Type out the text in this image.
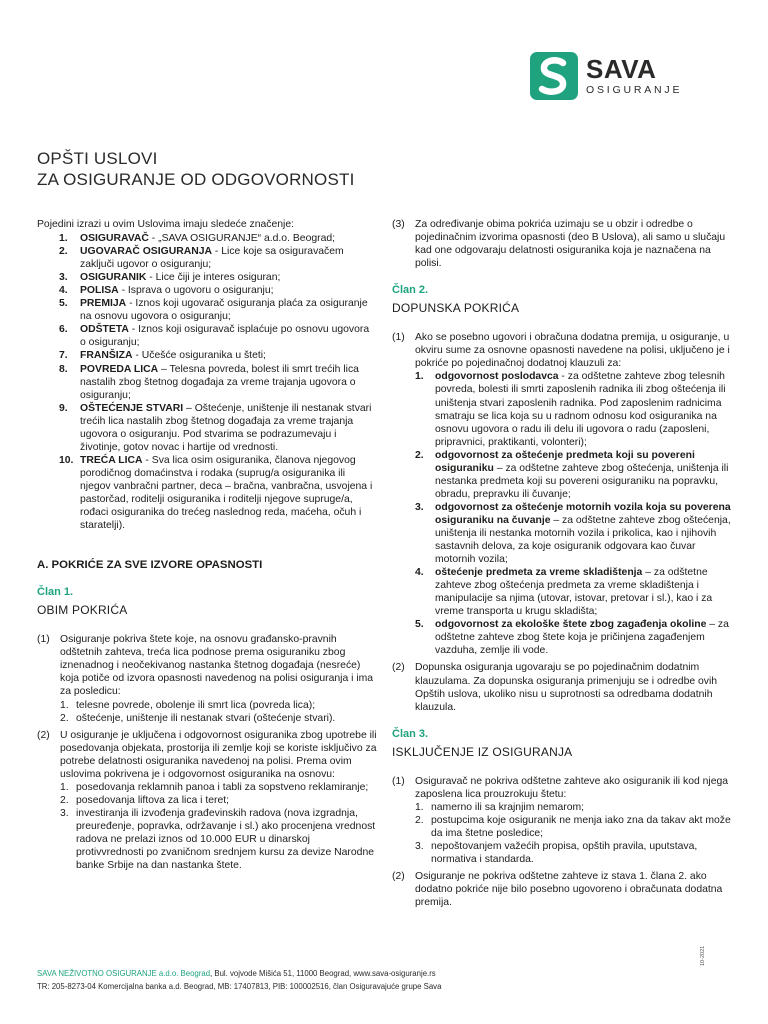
SAVA
OSIGURANJE
OPŠTI USLOVI
ZA OSIGURANJE OD ODGOVORNOSTI

Pojedini izrazi u ovim Uslovima imaju sledeće značenje:

1.	OSIGURAVAČ - „SAVA OSIGURANJE“ a.d.o. Beograd;
2.	UGOVARAČ OSIGURANJA - Lice koje sa osiguravačem zaključi ugovor o osiguranju;
3.	OSIGURANIK - Lice čiji je interes osiguran;
4.	POLISA - Isprava o ugovoru o osiguranju;
5.	PREMIJA - Iznos koji ugovarač osiguranja plaća za osiguranje na osnovu ugovora o osiguranju;
6.	ODŠTETA - Iznos koji osiguravač isplaćuje po osnovu ugovora o osiguranju;
7.	FRANŠIZA - Učešće osiguranika u šteti;
8.	POVREDA LICA – Telesna povreda, bolest ili smrt trećih lica nastalih zbog štetnog događaja za vreme trajanja ugovora o osiguranju;
9.	OŠTEĆENJE STVARI – Oštećenje, uništenje ili nestanak stvari trećih lica nastalih zbog štetnog događaja za vreme trajanja ugovora o osiguranju. Pod stvarima se podrazumevaju i životinje, gotov novac i hartije od vrednosti.
10. TREĆA LICA - Sva lica osim osiguranika, članova njegovog porodičnog domaćinstva i rodaka (suprug/a osiguranika ili njegov vanbračni partner, deca – bračna, vanbračna, usvojena i pastorčad, roditelji osiguranika i roditelji njegove supruge/a, rođaci osiguranika do trećeg naslednog reda, maćeha, očuh i staratelji).
A. POKRIĆE ZA SVE IZVORE OPASNOSTI
Član 1.
OBIM POKRIĆA
(1) Osiguranje pokriva štete koje, na osnovu građansko-pravnih odštetnih zahteva, treća lica podnose prema osiguraniku zbog iznenadnog i neočekivanog nastanka štetnog događaja (nesreće) koja potiče od izvora opasnosti navedenog na polisi osiguranja i ima za posledicu:

1. telesne povrede, obolenje ili smrt lica (povreda lica);
2. oštećenje, uništenje ili nestanak stvari (oštećenje stvari).
(2) U osiguranje je uključena i odgovornost osiguranika zbog upotrebe ili posedovanja objekata, prostorija ili zemlje koji se koriste isključivo za potrebe delatnosti osiguranika navedenoj na polisi. Prema ovim uslovima pokrivena je i odgovornost osiguranika na osnovu:

1. posedovanja reklamnih panoa i tabli za sopstveno reklamiranje;
2. posedovanja liftova za lica i teret;
3. investiranja ili izvođenja građevinskih radova (nova izgradnja, preuređenje, popravka, održavanje i sl.) ako procenjena vrednost radova ne prelazi iznos od 10.000 EUR u dinarskoj protivvrednosti po zvaničnom srednjem kursu za devize Narodne banke Srbije na dan nastanka štete.
(3) Za određivanje obima pokrića uzimaju se u obzir i odredbe o pojedinačnim izvorima opasnosti (deo B Uslova), ali samo u slučaju kad one odgovaraju delatnosti osiguranika koja je naznačena na polisi.

Član 2.
DOPUNSKA POKRIĆA
(1) Ako se posebno ugovori i obračuna dodatna premija, u osiguranje, u okviru sume za osnovne opasnosti navedene na polisi, uključeno je i pokriće po pojedinačnoj dodatnoj klauzuli za:

1.	odgovornost poslodavca - za odštetne zahteve zbog telesnih povreda, bolesti ili smrti zaposlenih radnika ili zbog oštećenja ili uništenja stvari zaposlenih radnika. Pod zaposlenim radnicima smatraju se lica koja su u radnom odnosu kod osiguranika na osnovu ugovora o radu ili delu ili ugovora o radu (zaposleni, pripravnici, praktikanti, volonteri);
2.	odgovornost za oštećenje predmeta koji su povereni osiguraniku – za odštetne zahteve zbog oštećenja, uništenja ili nestanka predmeta koji su povereni osiguraniku na popravku, obradu, prepravku ili čuvanje;
3.	odgovornost za oštećenje motornih vozila koja su poverena osiguraniku na čuvanje – za odštetne zahteve zbog oštećenja, uništenja ili nestanka motornih vozila i prikolica, kao i njihovih sastavnih delova, za koje osiguranik odgovara kao čuvar motornih vozila;
4.	oštećenje predmeta za vreme skladištenja – za odštetne zahteve zbog oštećenja predmeta za vreme skladištenja i manipulacije sa njima (utovar, istovar, pretovar i sl.), kao i za vreme transporta u krugu skladišta;
5.	odgovornost za ekološke štete zbog zagađenja okoline – za odštetne zahteve zbog štete koja je pričinjena zagađenjem vazduha, zemlje ili vode.
(2) Dopunska osiguranja ugovaraju se po pojedinačnim dodatnim klauzulama. Za dopunska osiguranja primenjuju se i odredbe ovih Opštih uslova, ukoliko nisu u suprotnosti sa odredbama dodatnih klauzula.

Član 3.
ISKLJUČENJE IZ OSIGURANJA
(1) Osiguravač ne pokriva odštetne zahteve ako osiguranik ili kod njega zaposlena lica prouzrokuju štetu:

1. namerno ili sa krajnjim nemarom;
2. postupcima koje osiguranik ne menja iako zna da takav akt može da ima štetne posledice;
3. nepoštovanjem važećih propisa, opštih pravila, uputstava, normativa i standarda.
(2) Osiguranje ne pokriva odštetne zahteve iz stava 1. člana 2. ako dodatno pokriće nije bilo posebno ugovoreno i obračunata dodatna premija.

SAVA NEŽIVOTNO OSIGURANJE a.d.o. Beograd, Bul. vojvode Mišića 51, 11000 Beograd, www.sava-osiguranje.rs
TR: 205-8273-04 Komercijalna banka a.d. Beograd, MB: 17407813, PIB: 100002516, član Osiguravajuće grupe Sava
10-2021
